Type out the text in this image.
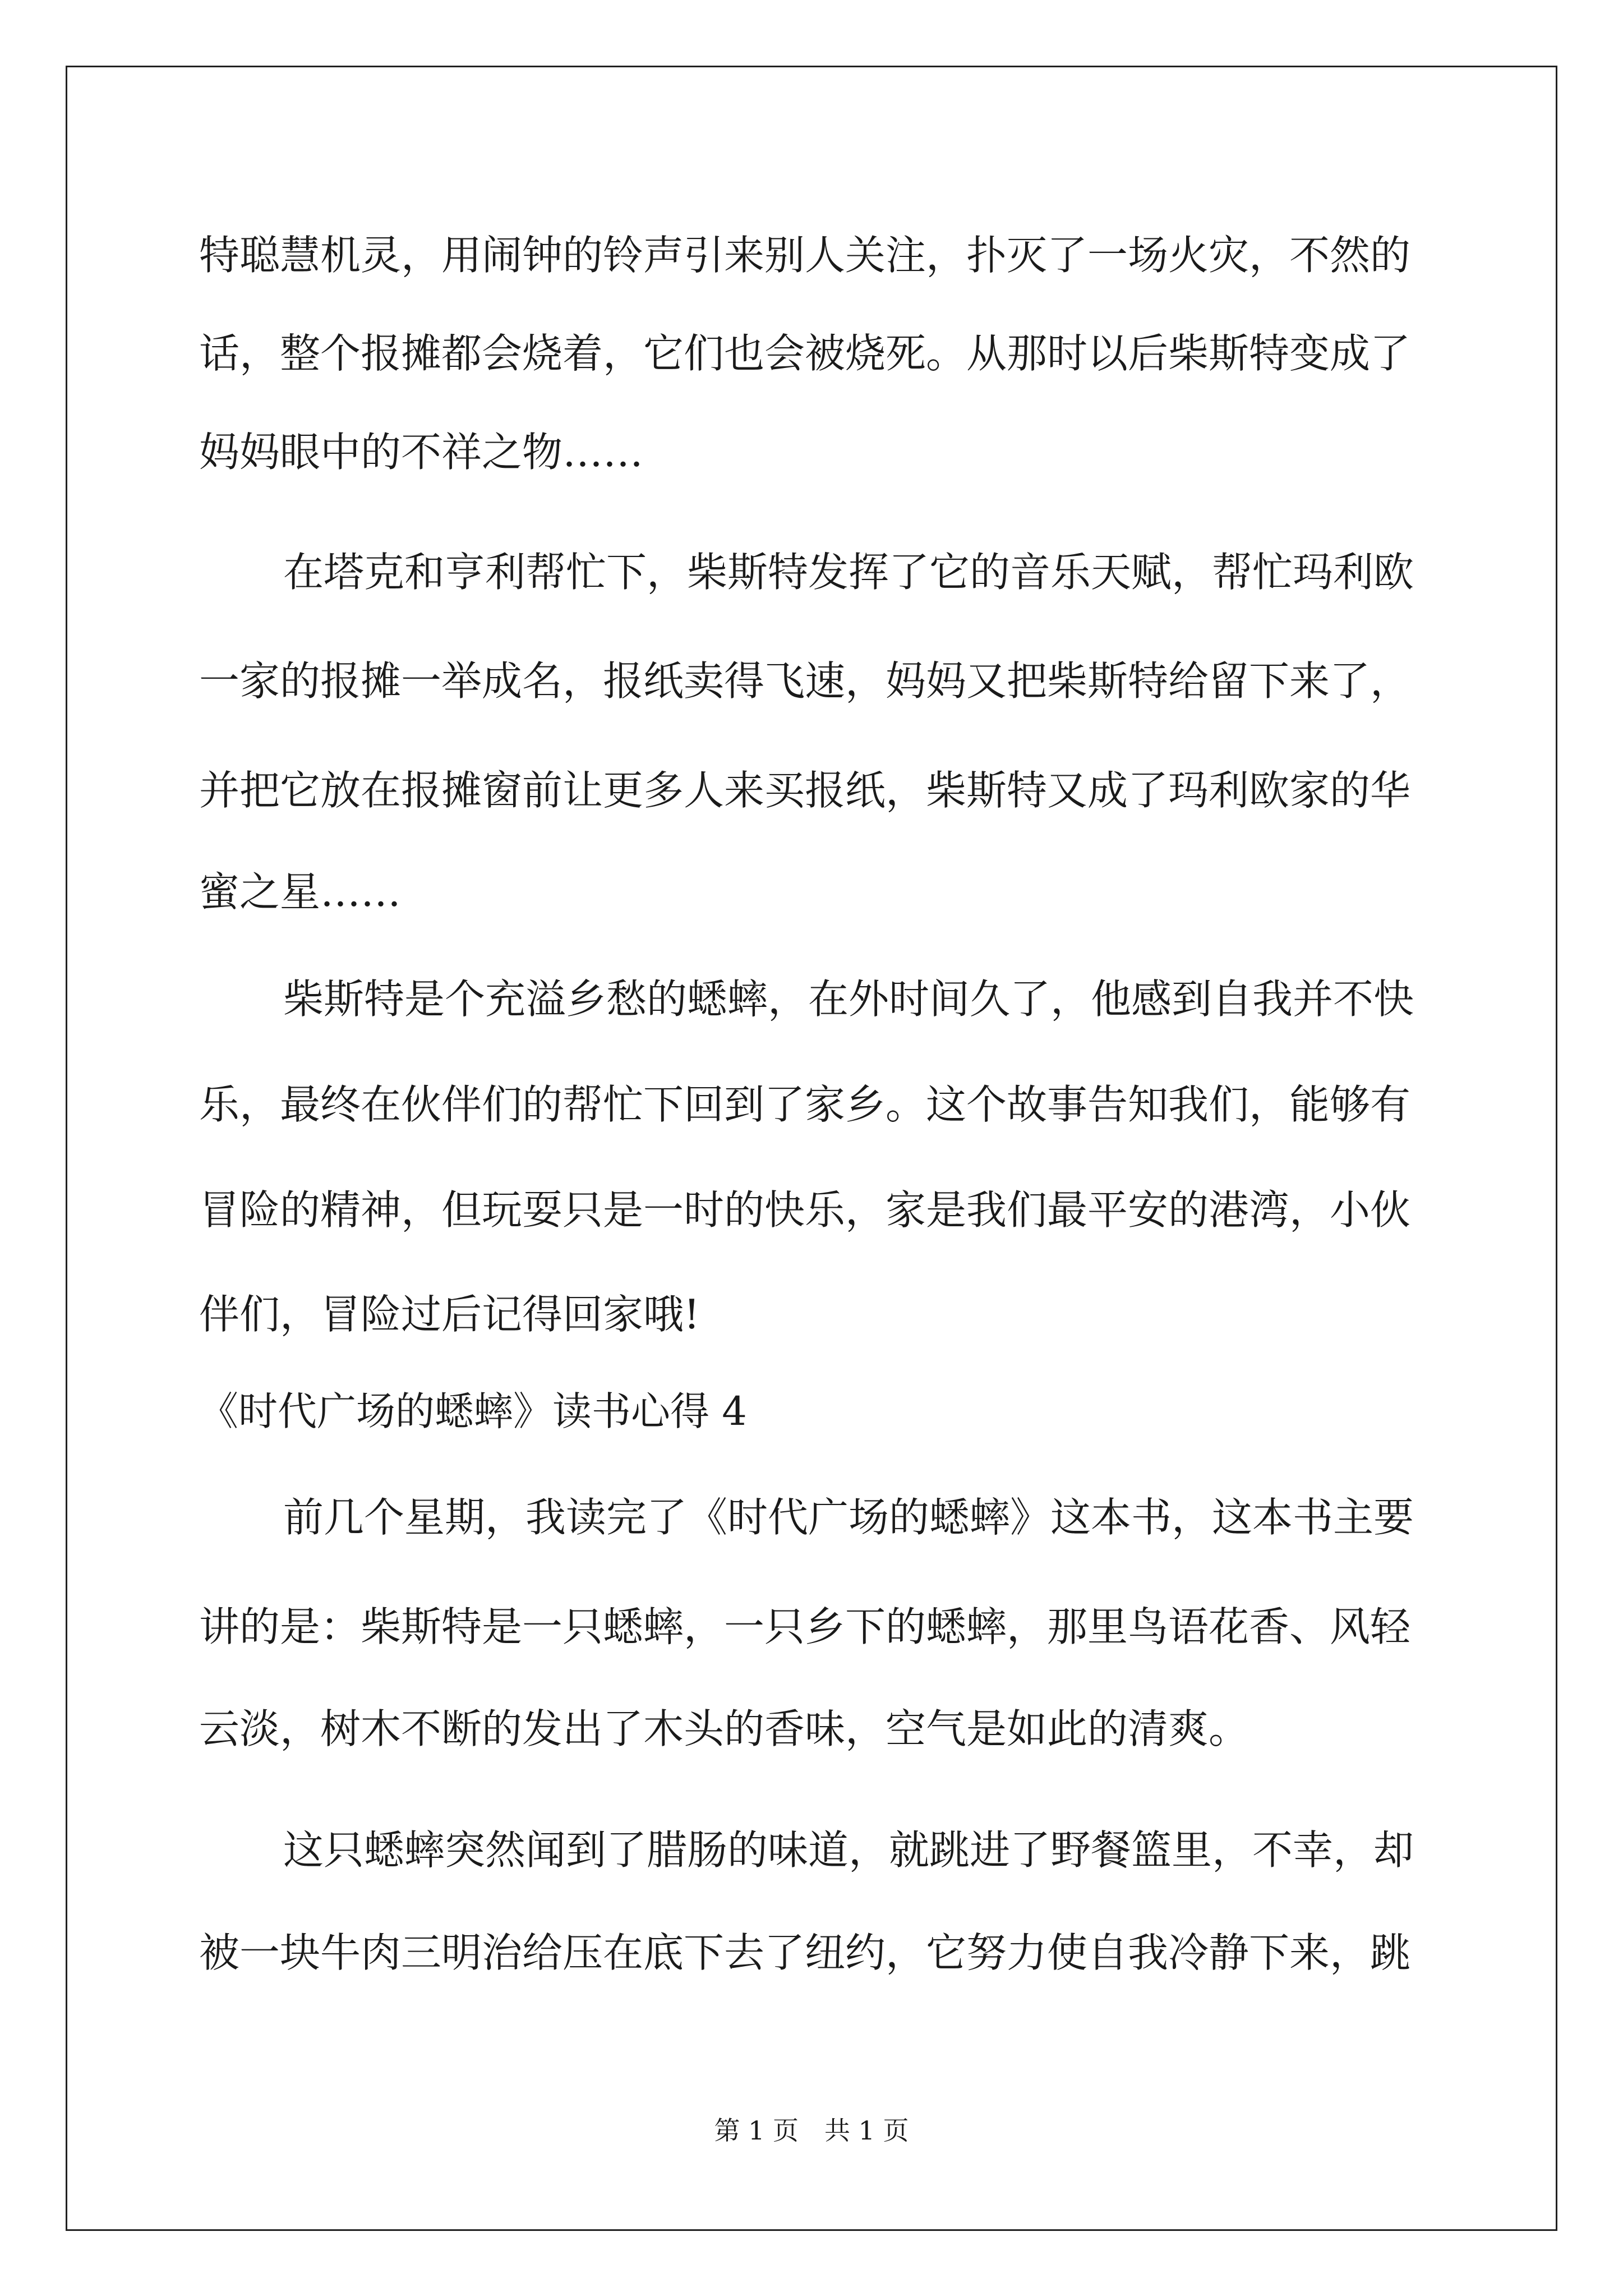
特聪慧机灵，用闹钟的铃声引来别人关注，扑灭了一场火灾，不然的
话，整个报摊都会烧着，它们也会被烧死。从那时以后柴斯特变成了
妈妈眼中的不祥之物……
在塔克和亨利帮忙下，柴斯特发挥了它的音乐天赋，帮忙玛利欧
一家的报摊一举成名，报纸卖得飞速，妈妈又把柴斯特给留下来了，
并把它放在报摊窗前让更多人来买报纸，柴斯特又成了玛利欧家的华
蜜之星……
柴斯特是个充溢乡愁的蟋蟀，在外时间久了，他感到自我并不快
乐，最终在伙伴们的帮忙下回到了家乡。这个故事告知我们，能够有
冒险的精神，但玩耍只是一时的快乐，家是我们最平安的港湾，小伙
伴们，冒险过后记得回家哦!
《时代广场的蟋蟀》读书心得 4
前几个星期，我读完了《时代广场的蟋蟀》这本书，这本书主要
讲的是：柴斯特是一只蟋蟀，一只乡下的蟋蟀，那里鸟语花香、风轻
云淡，树木不断的发出了木头的香味，空气是如此的清爽。
这只蟋蟀突然闻到了腊肠的味道，就跳进了野餐篮里，不幸，却
被一块牛肉三明治给压在底下去了纽约，它努力使自我冷静下来，跳
第 1 页 共 1 页
